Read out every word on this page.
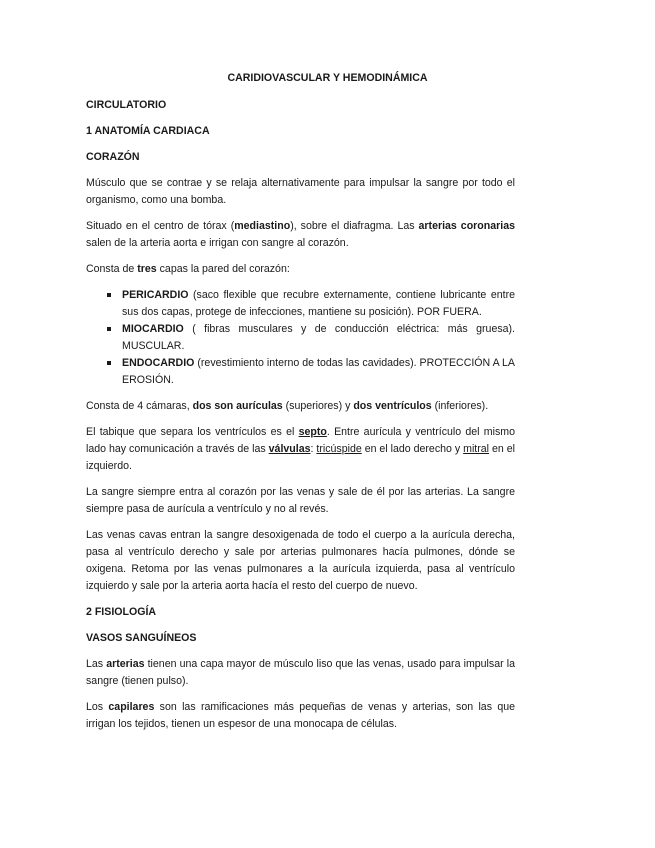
CARIDIOVASCULAR Y HEMODINÁMICA
CIRCULATORIO
1 ANATOMÍA CARDIACA
CORAZÓN

Músculo que se contrae y se relaja alternativamente para impulsar la sangre por todo el organismo, como una bomba.

Situado en el centro de tórax (mediastino), sobre el diafragma. Las arterias coronarias salen de la arteria aorta e irrigan con sangre al corazón.

Consta de tres capas la pared del corazón:

PERICARDIO (saco flexible que recubre externamente, contiene lubricante entre sus dos capas, protege de infecciones, mantiene su posición). POR FUERA.
MIOCARDIO ( fibras musculares y de conducción eléctrica: más gruesa). MUSCULAR.
ENDOCARDIO (revestimiento interno de todas las cavidades). PROTECCIÓN A LA EROSIÓN.

Consta de 4 cámaras, dos son aurículas (superiores) y dos ventrículos (inferiores).

El tabique que separa los ventrículos es el septo. Entre aurícula y ventrículo del mismo lado hay comunicación a través de las válvulas: tricúspide en el lado derecho y mitral en el izquierdo.

La sangre siempre entra al corazón por las venas y sale de él por las arterias. La sangre siempre pasa de aurícula a ventrículo y no al revés.

Las venas cavas entran la sangre desoxigenada de todo el cuerpo a la aurícula derecha, pasa al ventrículo derecho y sale por arterias pulmonares hacía pulmones, dónde se oxigena. Retoma por las venas pulmonares a la aurícula izquierda, pasa al ventrículo izquierdo y sale por la arteria aorta hacía el resto del cuerpo de nuevo.

2 FISIOLOGÍA
VASOS SANGUÍNEOS

Las arterias tienen una capa mayor de músculo liso que las venas, usado para impulsar la sangre (tienen pulso).

Los capilares son las ramificaciones más pequeñas de venas y arterias, son las que irrigan los tejidos, tienen un espesor de una monocapa de células.
